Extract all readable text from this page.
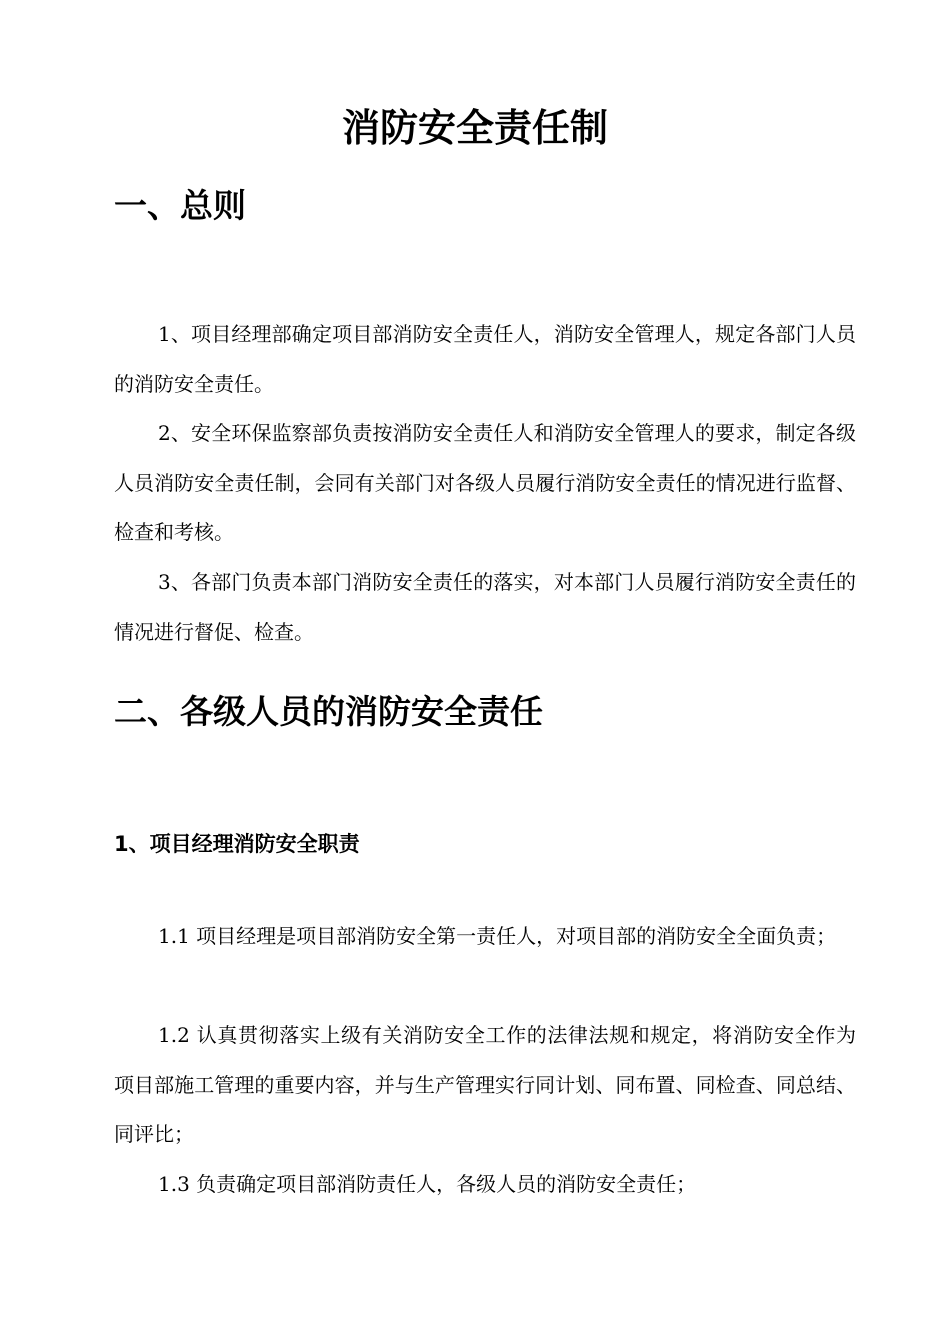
消防安全责任制
一、总则
1、项目经理部确定项目部消防安全责任人，消防安全管理人，规定各部门人员的消防安全责任。
2、安全环保监察部负责按消防安全责任人和消防安全管理人的要求，制定各级人员消防安全责任制，会同有关部门对各级人员履行消防安全责任的情况进行监督、检查和考核。
3、各部门负责本部门消防安全责任的落实，对本部门人员履行消防安全责任的情况进行督促、检查。
二、各级人员的消防安全责任
1、项目经理消防安全职责
1.1 项目经理是项目部消防安全第一责任人，对项目部的消防安全全面负责；
1.2 认真贯彻落实上级有关消防安全工作的法律法规和规定，将消防安全作为项目部施工管理的重要内容，并与生产管理实行同计划、同布置、同检查、同总结、同评比；
1.3 负责确定项目部消防责任人，各级人员的消防安全责任；
